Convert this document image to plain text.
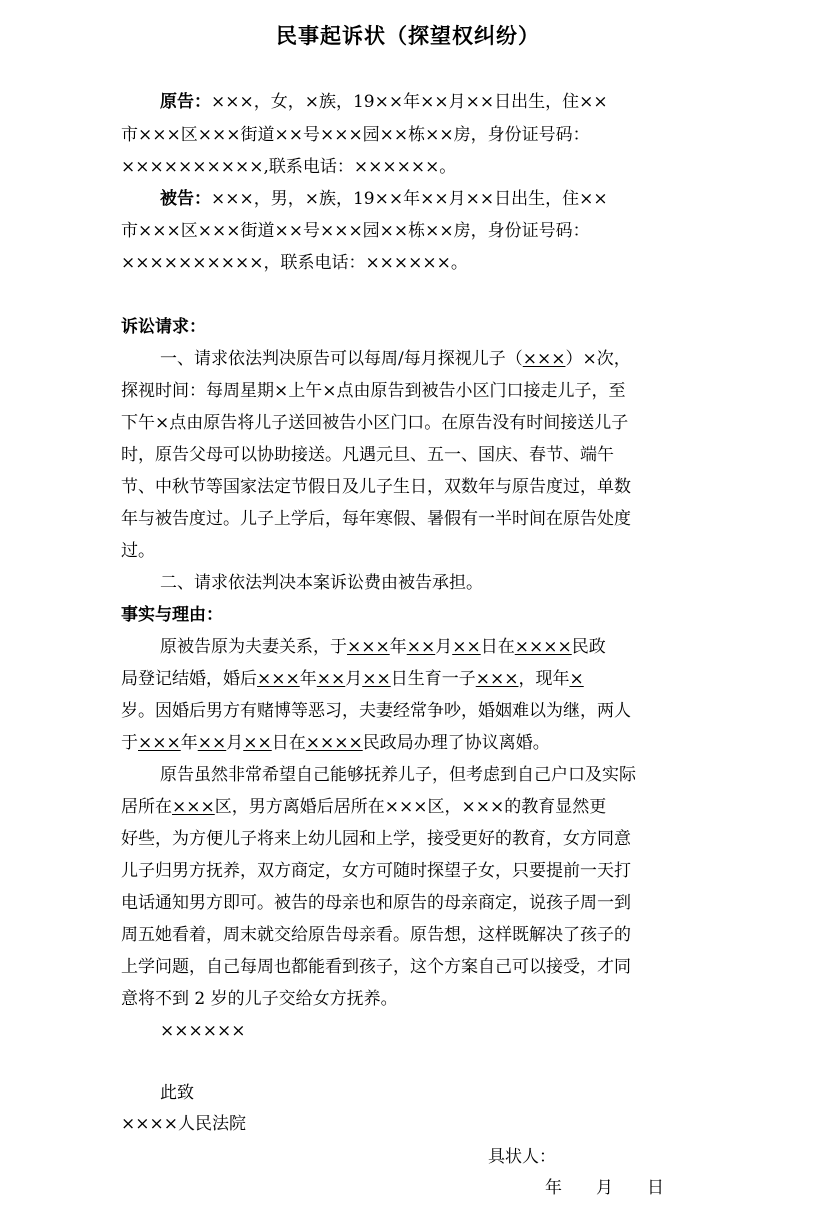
民事起诉状（探望权纠纷）
原告：×××，女，×族，19××年××月××日出生，住××
市×××区×××街道××号×××园××栋××房，身份证号码：
××××××××××,联系电话：××××××。
被告：×××，男，×族，19××年××月××日出生，住××
市×××区×××街道××号×××园××栋××房，身份证号码：
××××××××××，联系电话：××××××。
诉讼请求：
一、请求依法判决原告可以每周/每月探视儿子（×××）×次，
探视时间：每周星期×上午×点由原告到被告小区门口接走儿子，至
下午×点由原告将儿子送回被告小区门口。在原告没有时间接送儿子
时，原告父母可以协助接送。凡遇元旦、五一、国庆、春节、端午
节、中秋节等国家法定节假日及儿子生日，双数年与原告度过，单数
年与被告度过。儿子上学后，每年寒假、暑假有一半时间在原告处度
过。
二、请求依法判决本案诉讼费由被告承担。
事实与理由：
原被告原为夫妻关系，于×××年××月××日在××××民政
局登记结婚，婚后×××年××月××日生育一子×××，现年×
岁。因婚后男方有赌博等恶习，夫妻经常争吵，婚姻难以为继，两人
于×××年××月××日在××××民政局办理了协议离婚。
原告虽然非常希望自己能够抚养儿子，但考虑到自己户口及实际
居所在×××区，男方离婚后居所在×××区，×××的教育显然更
好些，为方便儿子将来上幼儿园和上学，接受更好的教育，女方同意
儿子归男方抚养，双方商定，女方可随时探望子女，只要提前一天打
电话通知男方即可。被告的母亲也和原告的母亲商定，说孩子周一到
周五她看着，周末就交给原告母亲看。原告想，这样既解决了孩子的
上学问题，自己每周也都能看到孩子，这个方案自己可以接受，才同
意将不到 2 岁的儿子交给女方抚养。
××××××
此致
××××人民法院
具状人：
年　　月　　日
